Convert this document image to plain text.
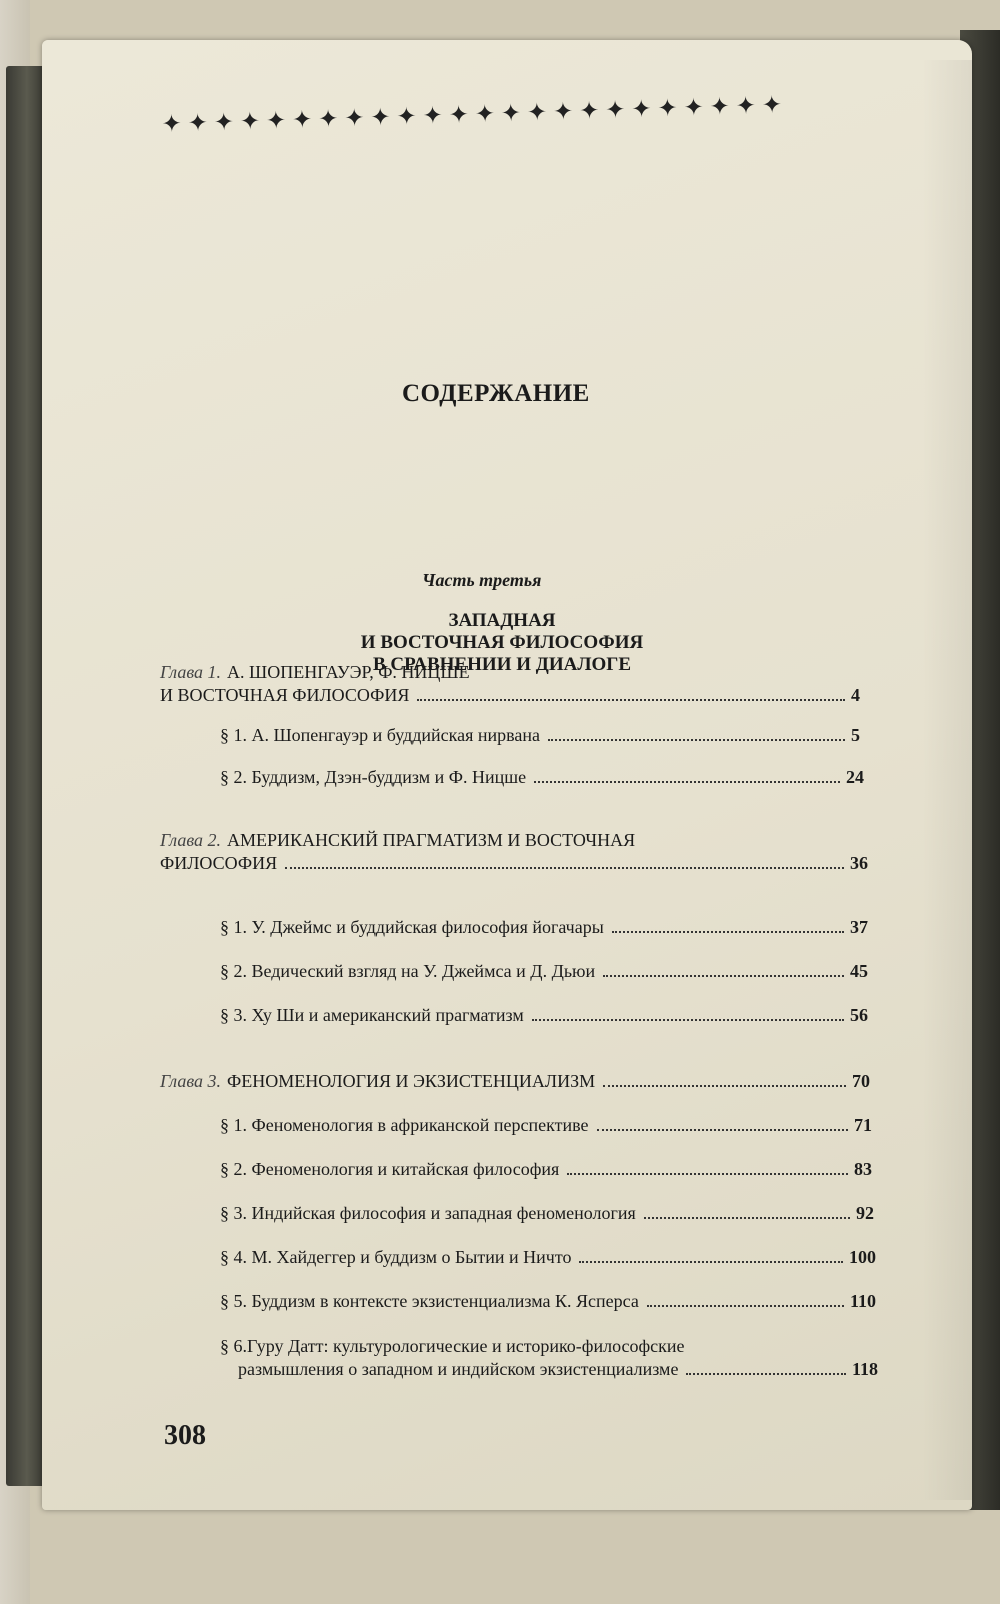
✦✦✦✦✦✦✦✦✦✦✦✦✦✦✦✦✦✦✦✦✦✦✦✦
СОДЕРЖАНИЕ
Часть третья
ЗАПАДНАЯ
И ВОСТОЧНАЯ ФИЛОСОФИЯ
В СРАВНЕНИИ И ДИАЛОГЕ
Глава 1. А. ШОПЕНГАУЭР, Ф. НИЦШЕ
И ВОСТОЧНАЯ ФИЛОСОФИЯ	4
§ 1. А. Шопенгауэр и буддийская нирвана	5
§ 2. Буддизм, Дзэн-буддизм и Ф. Ницше	24
Глава 2. АМЕРИКАНСКИЙ ПРАГМАТИЗМ И ВОСТОЧНАЯ
ФИЛОСОФИЯ	36
§ 1. У. Джеймс и буддийская философия йогачары	37
§ 2. Ведический взгляд на У. Джеймса и Д. Дьюи	45
§ 3. Ху Ши и американский прагматизм	56
Глава 3. ФЕНОМЕНОЛОГИЯ И ЭКЗИСТЕНЦИАЛИЗМ	70
§ 1. Феноменология в африканской перспективе	71
§ 2. Феноменология и китайская философия	83
§ 3. Индийская философия и западная феноменология	92
§ 4. М. Хайдеггер и буддизм о Бытии и Ничто	100
§ 5. Буддизм в контексте экзистенциализма К. Ясперса	110
§ 6.Гуру Датт: культурологические и историко-философские
размышления о западном и индийском экзистенциализме	118
308
